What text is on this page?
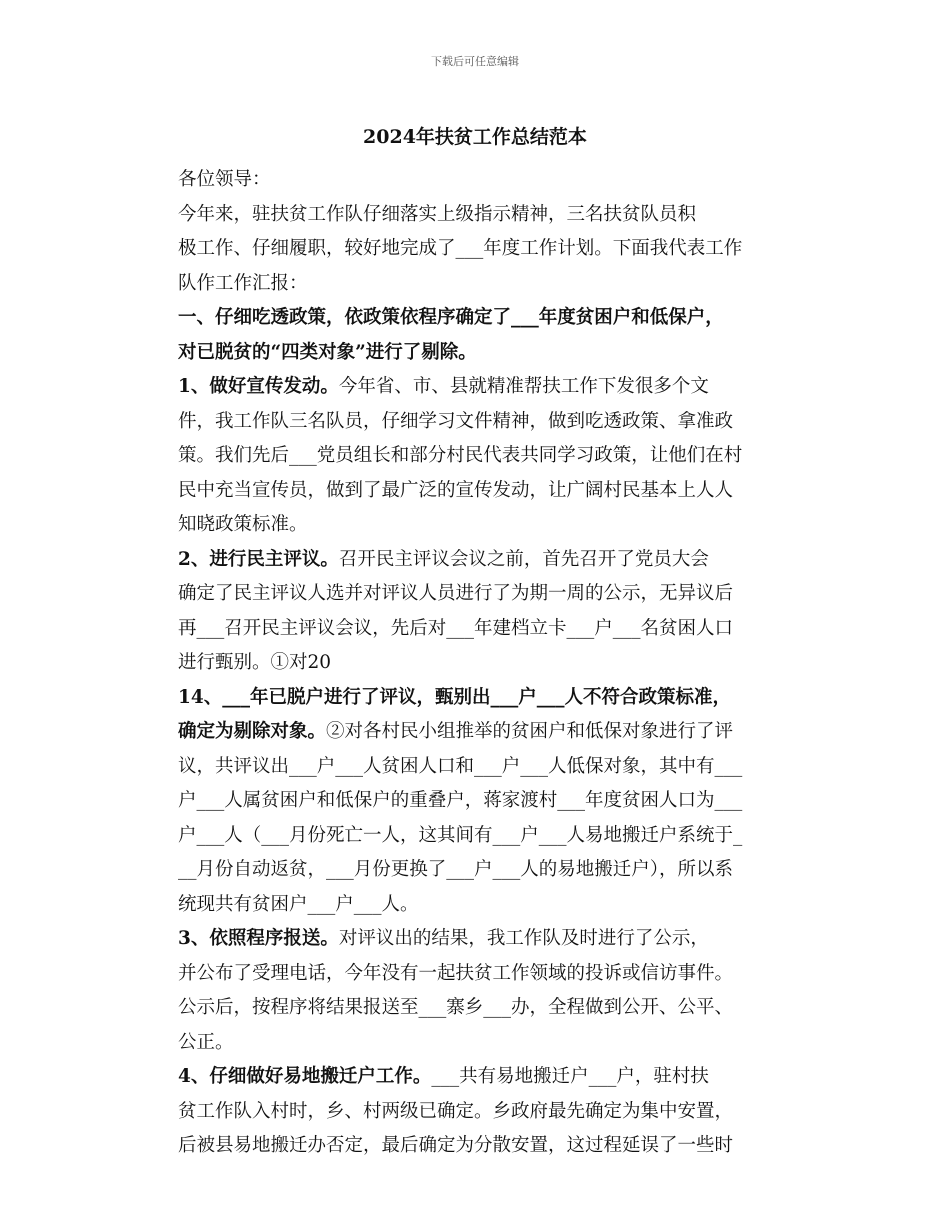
下载后可任意编辑
2024年扶贫工作总结范本

各位领导：

今年来，驻扶贫工作队仔细落实上级指示精神，三名扶贫队员积
极工作、仔细履职，较好地完成了___年度工作计划。下面我代表工作
队作工作汇报：

一、仔细吃透政策，依政策依程序确定了___年度贫困户和低保户，
对已脱贫的“四类对象”进行了剔除。

1、做好宣传发动。今年省、市、县就精准帮扶工作下发很多个文
件，我工作队三名队员，仔细学习文件精神，做到吃透政策、拿准政
策。我们先后___党员组长和部分村民代表共同学习政策，让他们在村
民中充当宣传员，做到了最广泛的宣传发动，让广阔村民基本上人人
知晓政策标准。

2、进行民主评议。召开民主评议会议之前，首先召开了党员大会
确定了民主评议人选并对评议人员进行了为期一周的公示，无异议后
再___召开民主评议会议，先后对___年建档立卡___户___名贫困人口
进行甄别。①对20

14、___年已脱户进行了评议，甄别出___户___人不符合政策标准，
确定为剔除对象。②对各村民小组推举的贫困户和低保对象进行了评
议，共评议出___户___人贫困人口和___户___人低保对象，其中有___
户___人属贫困户和低保户的重叠户，蒋家渡村___年度贫困人口为___
户___人（___月份死亡一人，这其间有___户___人易地搬迁户系统于_
__月份自动返贫，___月份更换了___户___人的易地搬迁户），所以系
统现共有贫困户___户___人。

3、依照程序报送。对评议出的结果，我工作队及时进行了公示，
并公布了受理电话，今年没有一起扶贫工作领域的投诉或信访事件。
公示后，按程序将结果报送至___寨乡___办，全程做到公开、公平、
公正。

4、仔细做好易地搬迁户工作。___共有易地搬迁户___户，驻村扶
贫工作队入村时，乡、村两级已确定。乡政府最先确定为集中安置，
后被县易地搬迁办否定，最后确定为分散安置，这过程延误了一些时
